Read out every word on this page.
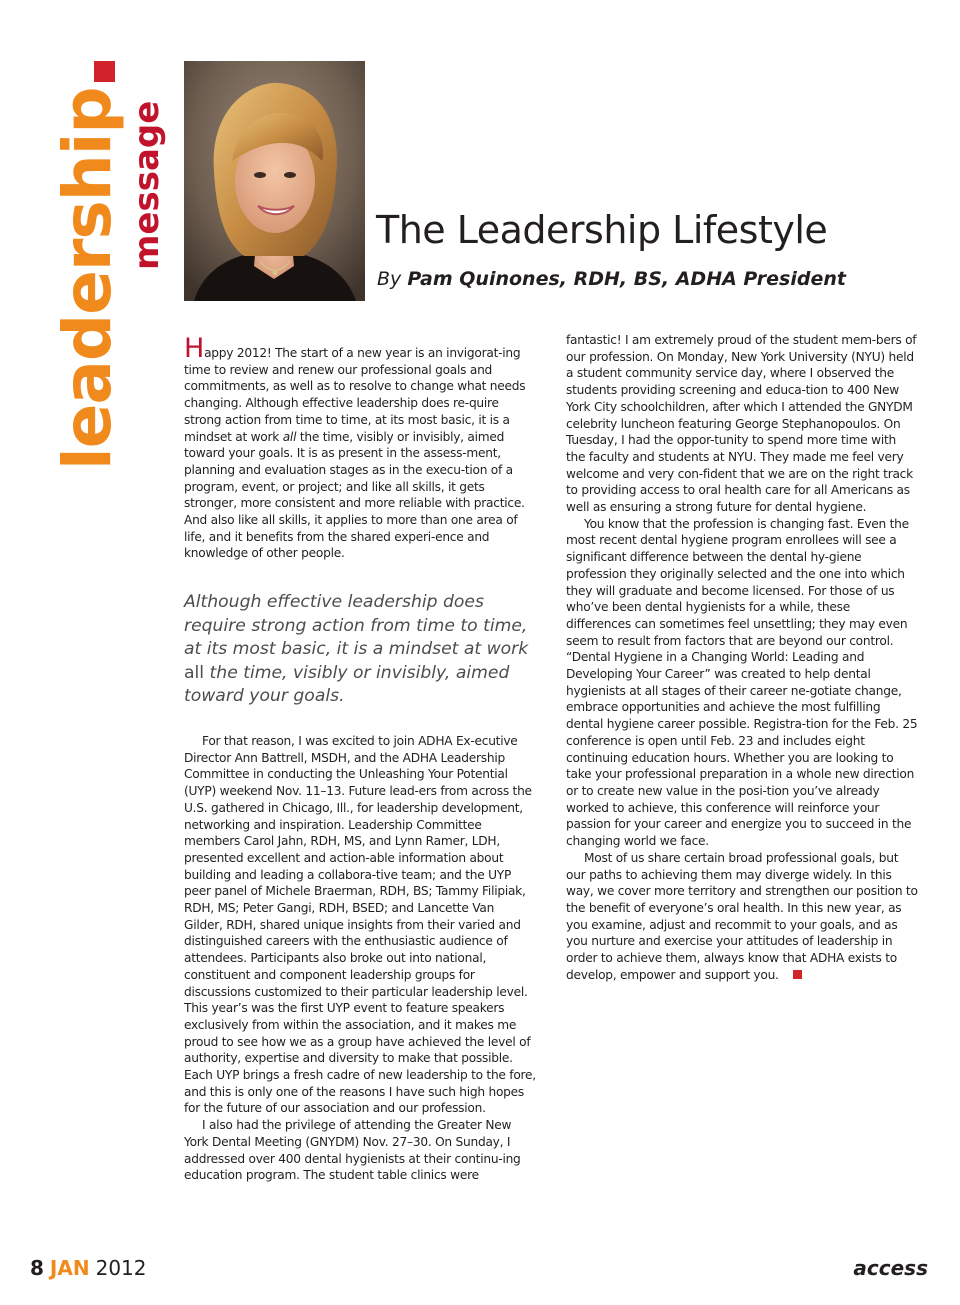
leadership message	The Leadership Lifestyle
By Pam Quinones, RDH, BS, ADHA President

Happy 2012! The start of a new year is an invigorat-ing time to review and renew our professional goals and commitments, as well as to resolve to change what needs changing. Although effective leadership does re-quire strong action from time to time, at its most basic, it is a mindset at work all the time, visibly or invisibly, aimed toward your goals. It is as present in the assess-ment, planning and evaluation stages as in the execu-tion of a program, event, or project; and like all skills, it gets stronger, more consistent and more reliable with practice. And also like all skills, it applies to more than one area of life, and it benefits from the shared experi-ence and knowledge of other people.

Although effective leadership does require strong action from time to time, at its most basic, it is a mindset at work all the time, visibly or invisibly, aimed toward your goals.

For that reason, I was excited to join ADHA Ex-ecutive Director Ann Battrell, MSDH, and the ADHA Leadership Committee in conducting the Unleashing Your Potential (UYP) weekend Nov. 11–13. Future lead-ers from across the U.S. gathered in Chicago, Ill., for leadership development, networking and inspiration. Leadership Committee members Carol Jahn, RDH, MS, and Lynn Ramer, LDH, presented excellent and action-able information about building and leading a collabora-tive team; and the UYP peer panel of Michele Braerman, RDH, BS; Tammy Filipiak, RDH, MS; Peter Gangi, RDH, BSED; and Lancette Van Gilder, RDH, shared unique insights from their varied and distinguished careers with the enthusiastic audience of attendees. Participants also broke out into national, constituent and component leadership groups for discussions customized to their particular leadership level. This year’s was the first UYP event to feature speakers exclusively from within the association, and it makes me proud to see how we as a group have achieved the level of authority, expertise and diversity to make that possible. Each UYP brings a fresh cadre of new leadership to the fore, and this is only one of the reasons I have such high hopes for the future of our association and our profession.

I also had the privilege of attending the Greater New York Dental Meeting (GNYDM) Nov. 27–30. On Sunday, I addressed over 400 dental hygienists at their continu-ing education program. The student table clinics were

fantastic! I am extremely proud of the student mem-bers of our profession. On Monday, New York University (NYU) held a student community service day, where I observed the students providing screening and educa-tion to 400 New York City schoolchildren, after which I attended the GNYDM celebrity luncheon featuring George Stephanopoulos. On Tuesday, I had the oppor-tunity to spend more time with the faculty and students at NYU. They made me feel very welcome and very con-fident that we are on the right track to providing access to oral health care for all Americans as well as ensuring a strong future for dental hygiene.

You know that the profession is changing fast. Even the most recent dental hygiene program enrollees will see a significant difference between the dental hy-giene profession they originally selected and the one into which they will graduate and become licensed. For those of us who’ve been dental hygienists for a while, these differences can sometimes feel unsettling; they may even seem to result from factors that are beyond our control. “Dental Hygiene in a Changing World: Leading and Developing Your Career” was created to help dental hygienists at all stages of their career ne-gotiate change, embrace opportunities and achieve the most fulfilling dental hygiene career possible. Registra-tion for the Feb. 25 conference is open until Feb. 23 and includes eight continuing education hours. Whether you are looking to take your professional preparation in a whole new direction or to create new value in the posi-tion you’ve already worked to achieve, this conference will reinforce your passion for your career and energize you to succeed in the changing world we face.

Most of us share certain broad professional goals, but our paths to achieving them may diverge widely. In this way, we cover more territory and strengthen our position to the benefit of everyone’s oral health. In this new year, as you examine, adjust and recommit to your goals, and as you nurture and exercise your attitudes of leadership in order to achieve them, always know that ADHA exists to develop, empower and support you.

8 JAN 2012	access
